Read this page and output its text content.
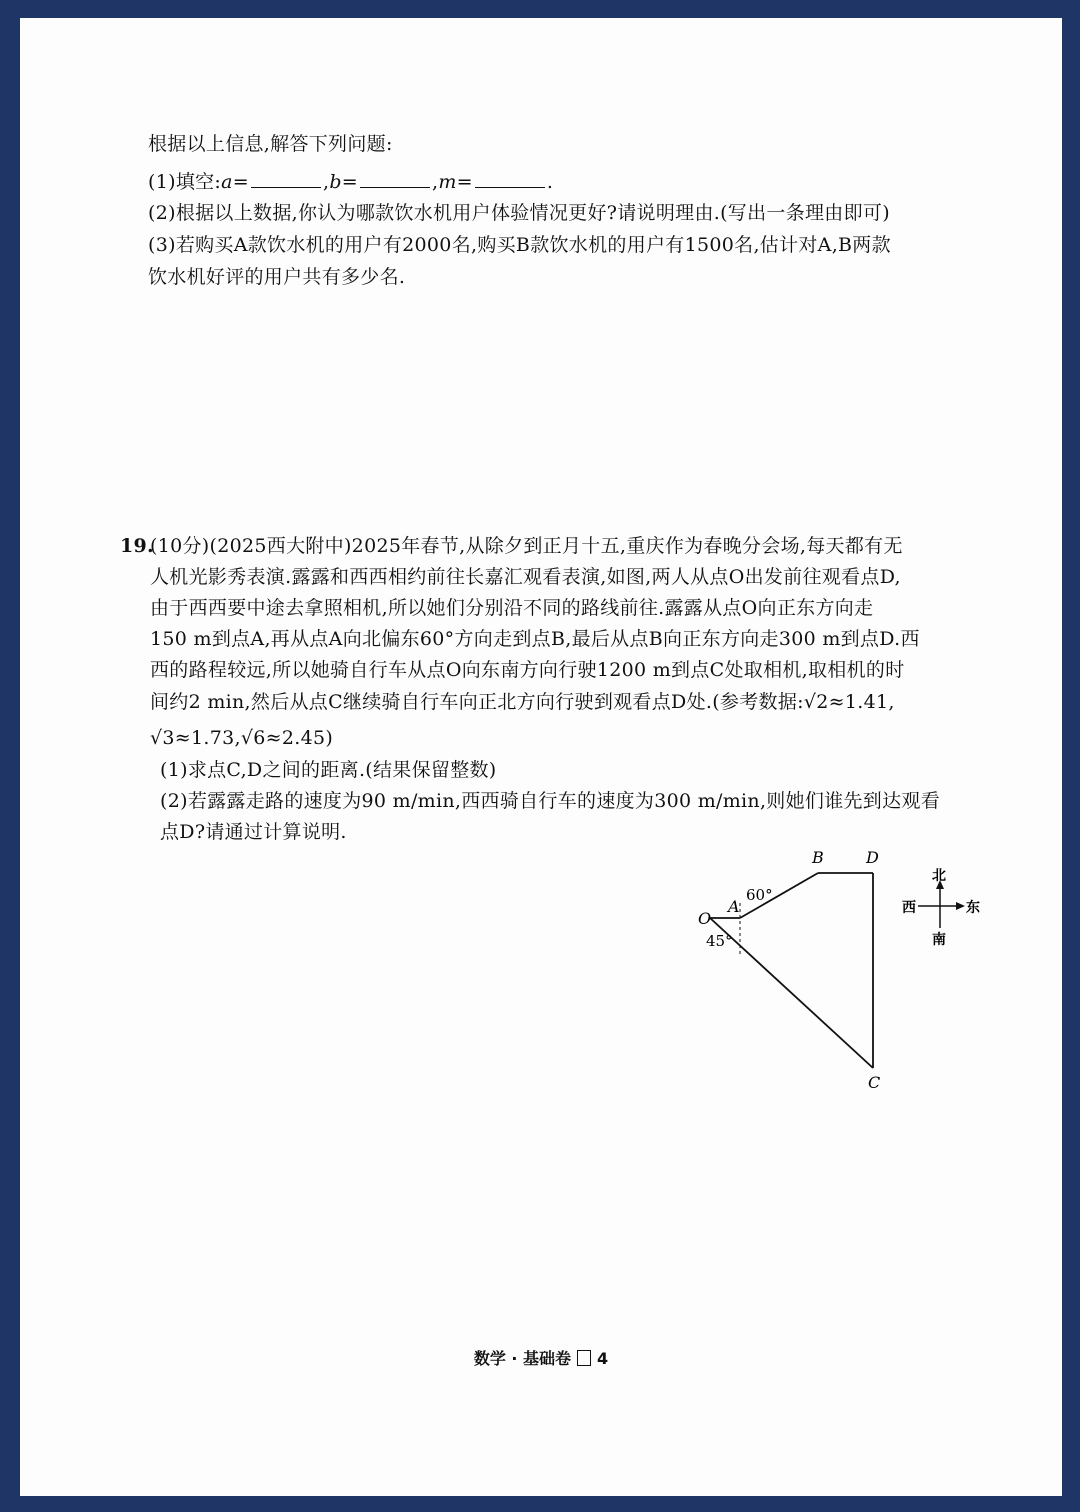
根据以上信息,解答下列问题:
(1)填空:a=	,b=	,m=	.
(2)根据以上数据,你认为哪款饮水机用户体验情况更好?请说明理由.(写出一条理由即可)
(3)若购买A款饮水机的用户有2000名,购买B款饮水机的用户有1500名,估计对A,B两款
饮水机好评的用户共有多少名.
19.
(10分)(2025西大附中)2025年春节,从除夕到正月十五,重庆作为春晚分会场,每天都有无
人机光影秀表演.露露和西西相约前往长嘉汇观看表演,如图,两人从点O出发前往观看点D,
由于西西要中途去拿照相机,所以她们分别沿不同的路线前往.露露从点O向正东方向走
150 m到点A,再从点A向北偏东60°方向走到点B,最后从点B向正东方向走300 m到点D.西
西的路程较远,所以她骑自行车从点O向东南方向行驶1200 m到点C处取相机,取相机的时
间约2 min,然后从点C继续骑自行车向正北方向行驶到观看点D处.(参考数据:√2≈1.41,
√3≈1.73,√6≈2.45)
(1)求点C,D之间的距离.(结果保留整数)
(2)若露露走路的速度为90 m/min,西西骑自行车的速度为300 m/min,则她们谁先到达观看
点D?请通过计算说明.
O
A
B	D
C
60°
45°
北
南
西	东
数学 · 基础卷 4
